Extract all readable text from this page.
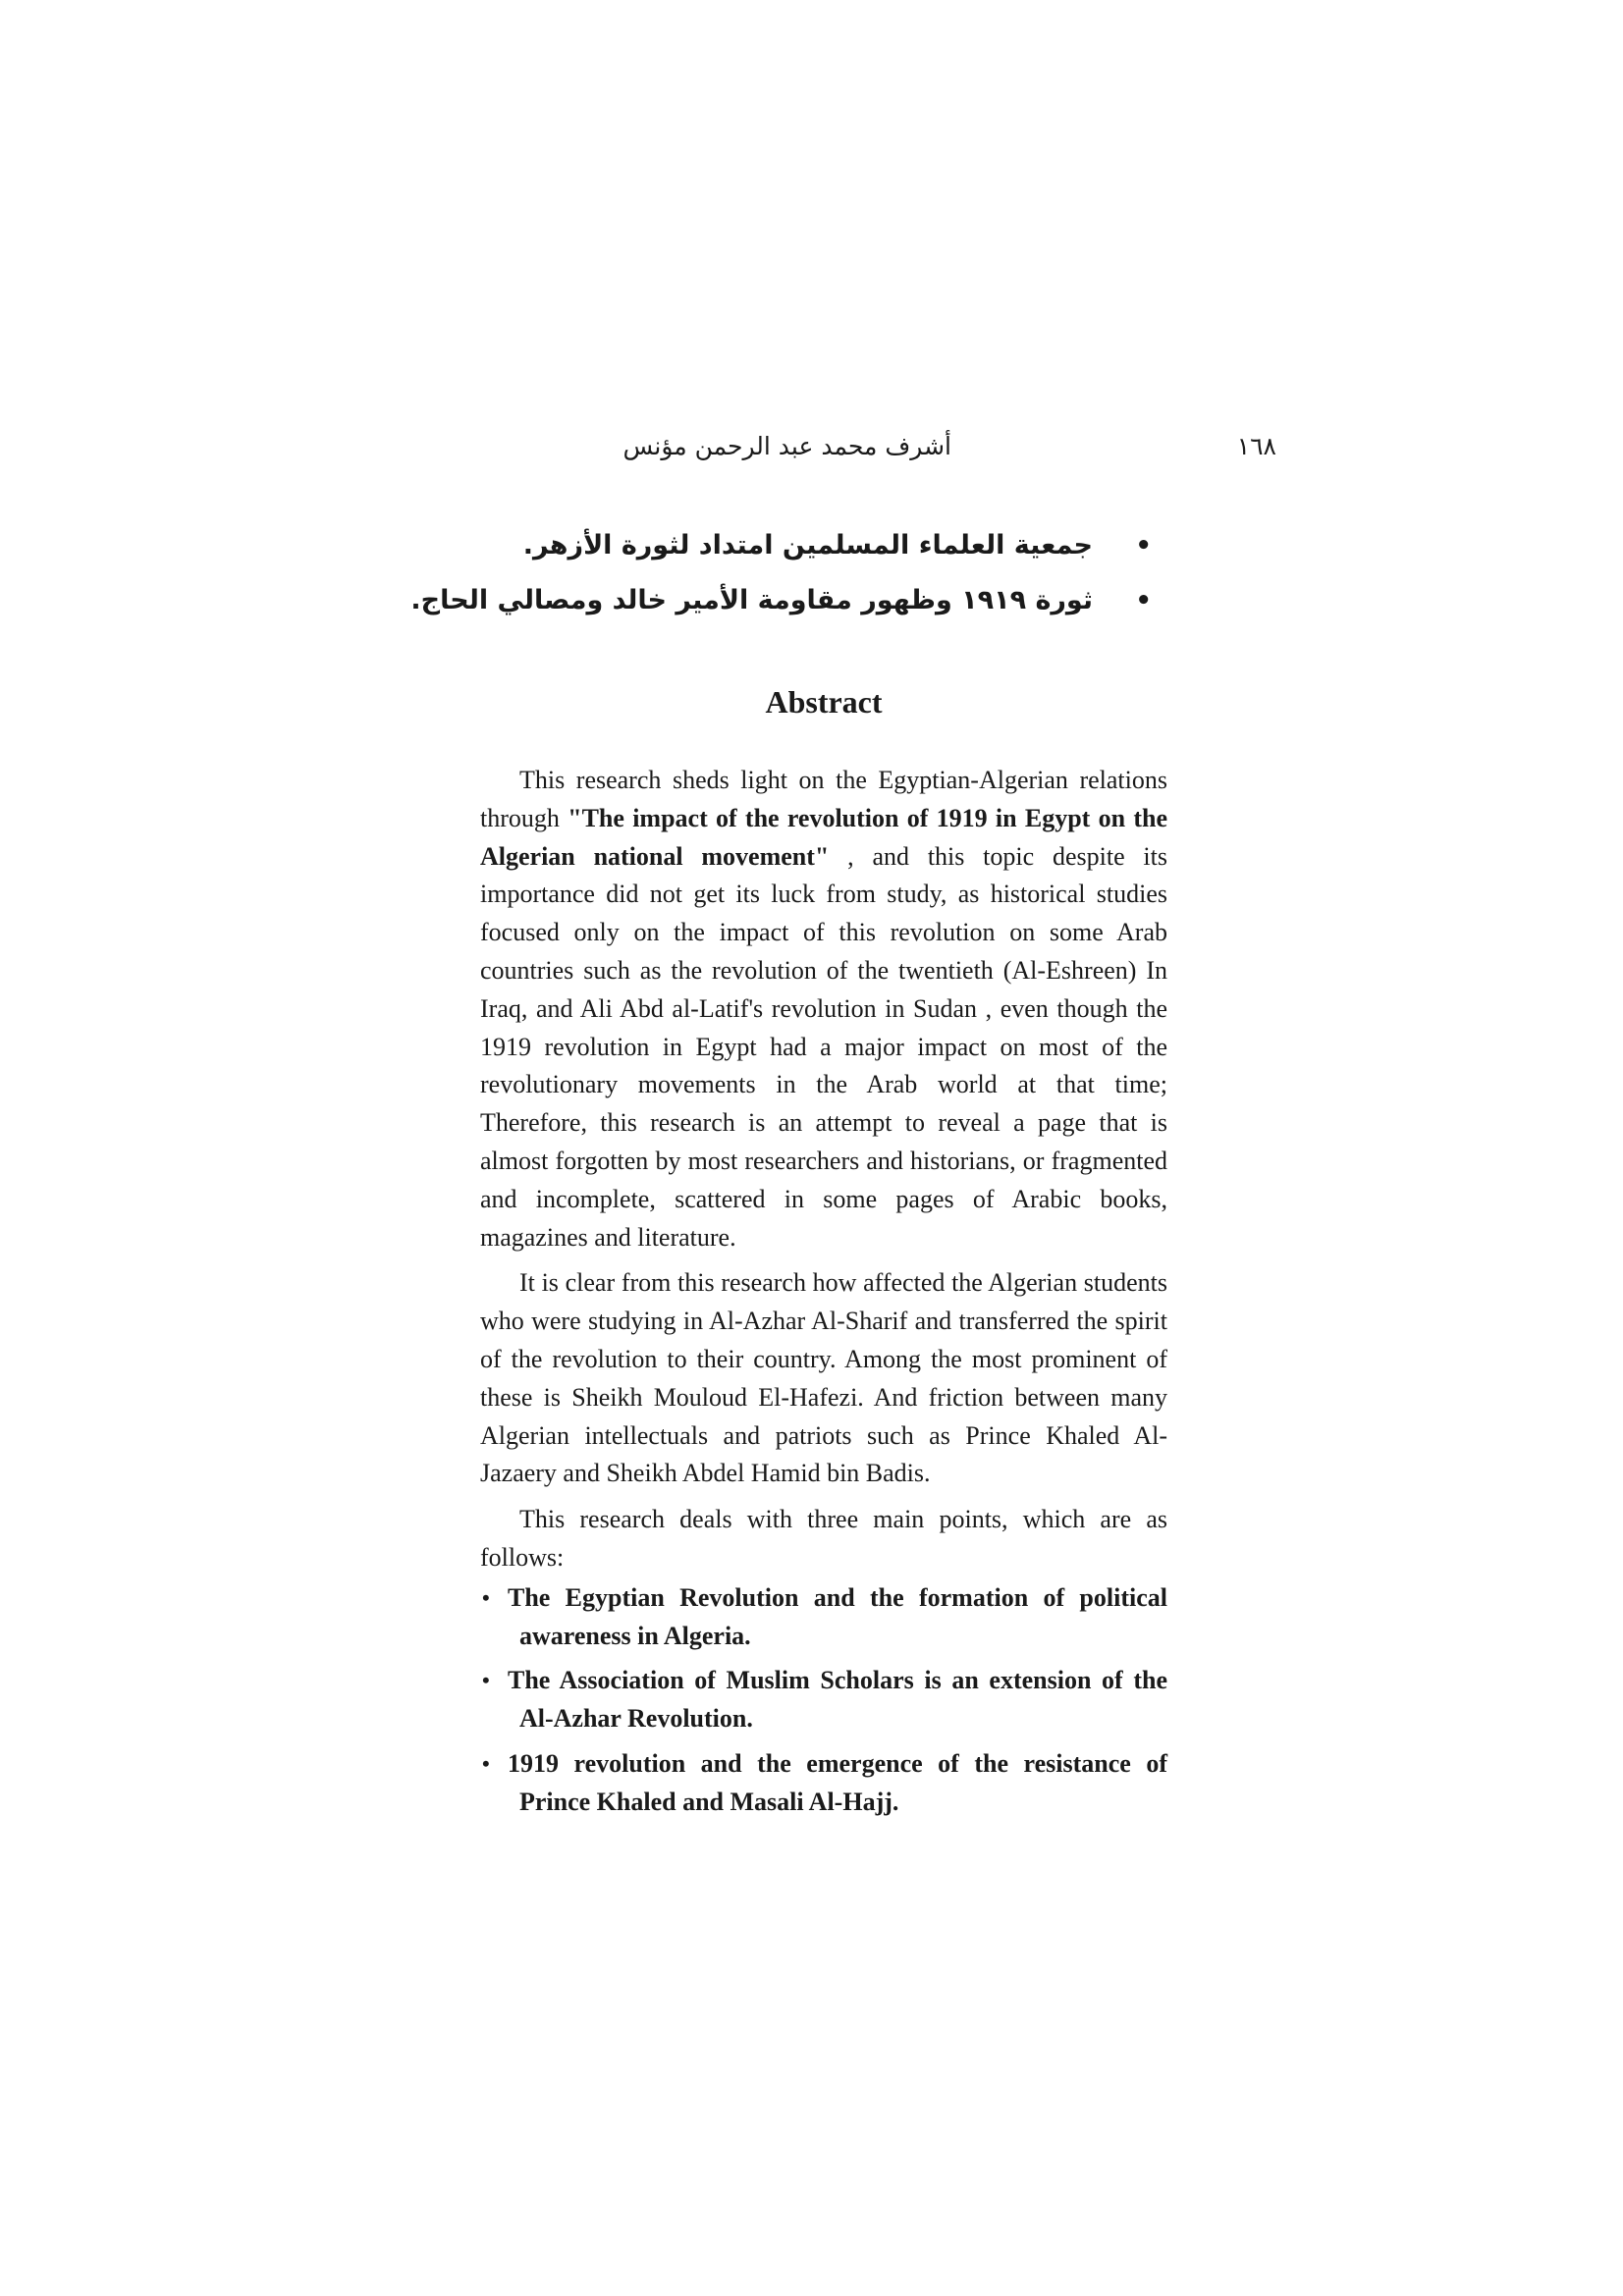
١٦٨
أشرف محمد عبد الرحمن مؤنس
•
جمعية العلماء المسلمين امتداد لثورة الأزهر.
•
ثورة ١٩١٩ وظهور مقاومة الأمير خالد ومصالي الحاج.
Abstract

This research sheds light on the Egyptian-Algerian relations through "The impact of the revolution of 1919 in Egypt on the Algerian national movement" , and this topic despite its importance did not get its luck from study, as historical studies focused only on the impact of this revolution on some Arab countries such as the revolution of the twentieth (Al-Eshreen) In Iraq, and Ali Abd al-Latif's revolution in Sudan , even though the 1919 revolution in Egypt had a major impact on most of the revolutionary movements in the Arab world at that time; Therefore, this research is an attempt to reveal a page that is almost forgotten by most researchers and historians, or fragmented and incomplete, scattered in some pages of Arabic books, magazines and literature.

It is clear from this research how affected the Algerian students who were studying in Al-Azhar Al-Sharif and transferred the spirit of the revolution to their country. Among the most prominent of these is Sheikh Mouloud El-Hafezi. And friction between many Algerian intellectuals and patriots such as Prince Khaled Al-Jazaery and Sheikh Abdel Hamid bin Badis.

This research deals with three main points, which are as follows:

• The Egyptian Revolution and the formation of political awareness in Algeria.
• The Association of Muslim Scholars is an extension of the Al-Azhar Revolution.
• 1919 revolution and the emergence of the resistance of Prince Khaled and Masali Al-Hajj.
